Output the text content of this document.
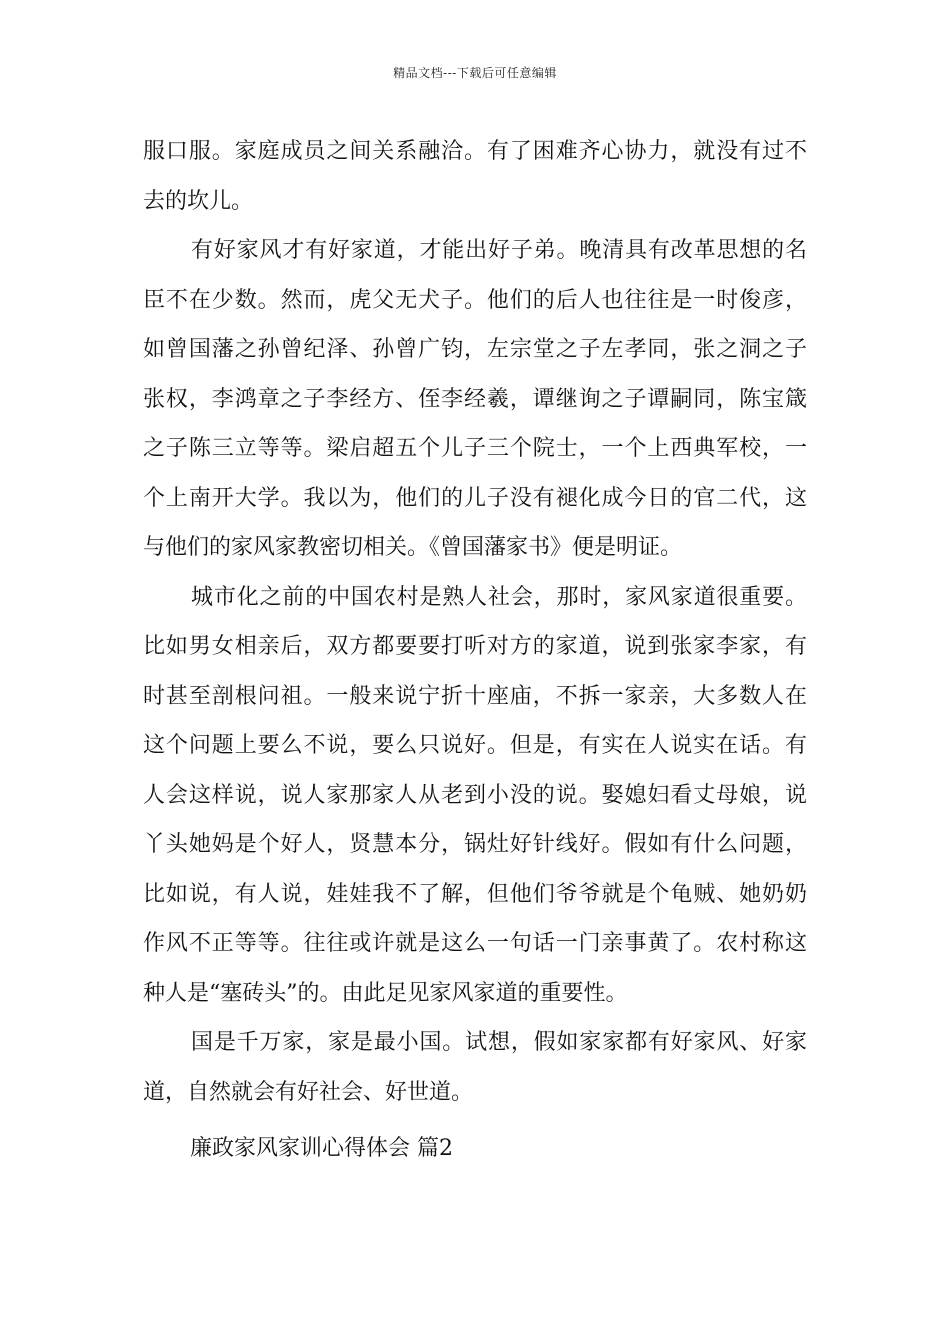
精品文档---下载后可任意编辑
服口服。家庭成员之间关系融洽。有了困难齐心协力，就没有过不
去的坎儿。
有好家风才有好家道，才能出好子弟。晚清具有改革思想的名
臣不在少数。然而，虎父无犬子。他们的后人也往往是一时俊彦，
如曾国藩之孙曾纪泽、孙曾广钧，左宗堂之子左孝同，张之洞之子
张权，李鸿章之子李经方、侄李经羲，谭继询之子谭嗣同，陈宝箴
之子陈三立等等。梁启超五个儿子三个院士，一个上西典军校，一
个上南开大学。我以为，他们的儿子没有褪化成今日的官二代，这
与他们的家风家教密切相关。《曾国藩家书》便是明证。
城市化之前的中国农村是熟人社会，那时，家风家道很重要。
比如男女相亲后，双方都要要打听对方的家道，说到张家李家，有
时甚至剖根问祖。一般来说宁折十座庙，不拆一家亲，大多数人在
这个问题上要么不说，要么只说好。但是，有实在人说实在话。有
人会这样说，说人家那家人从老到小没的说。娶媳妇看丈母娘，说
丫头她妈是个好人，贤慧本分，锅灶好针线好。假如有什么问题，
比如说，有人说，娃娃我不了解，但他们爷爷就是个龟贼、她奶奶
作风不正等等。往往或许就是这么一句话一门亲事黄了。农村称这
种人是“塞砖头”的。由此足见家风家道的重要性。
国是千万家，家是最小国。试想，假如家家都有好家风、好家
道，自然就会有好社会、好世道。
廉政家风家训心得体会 篇2
